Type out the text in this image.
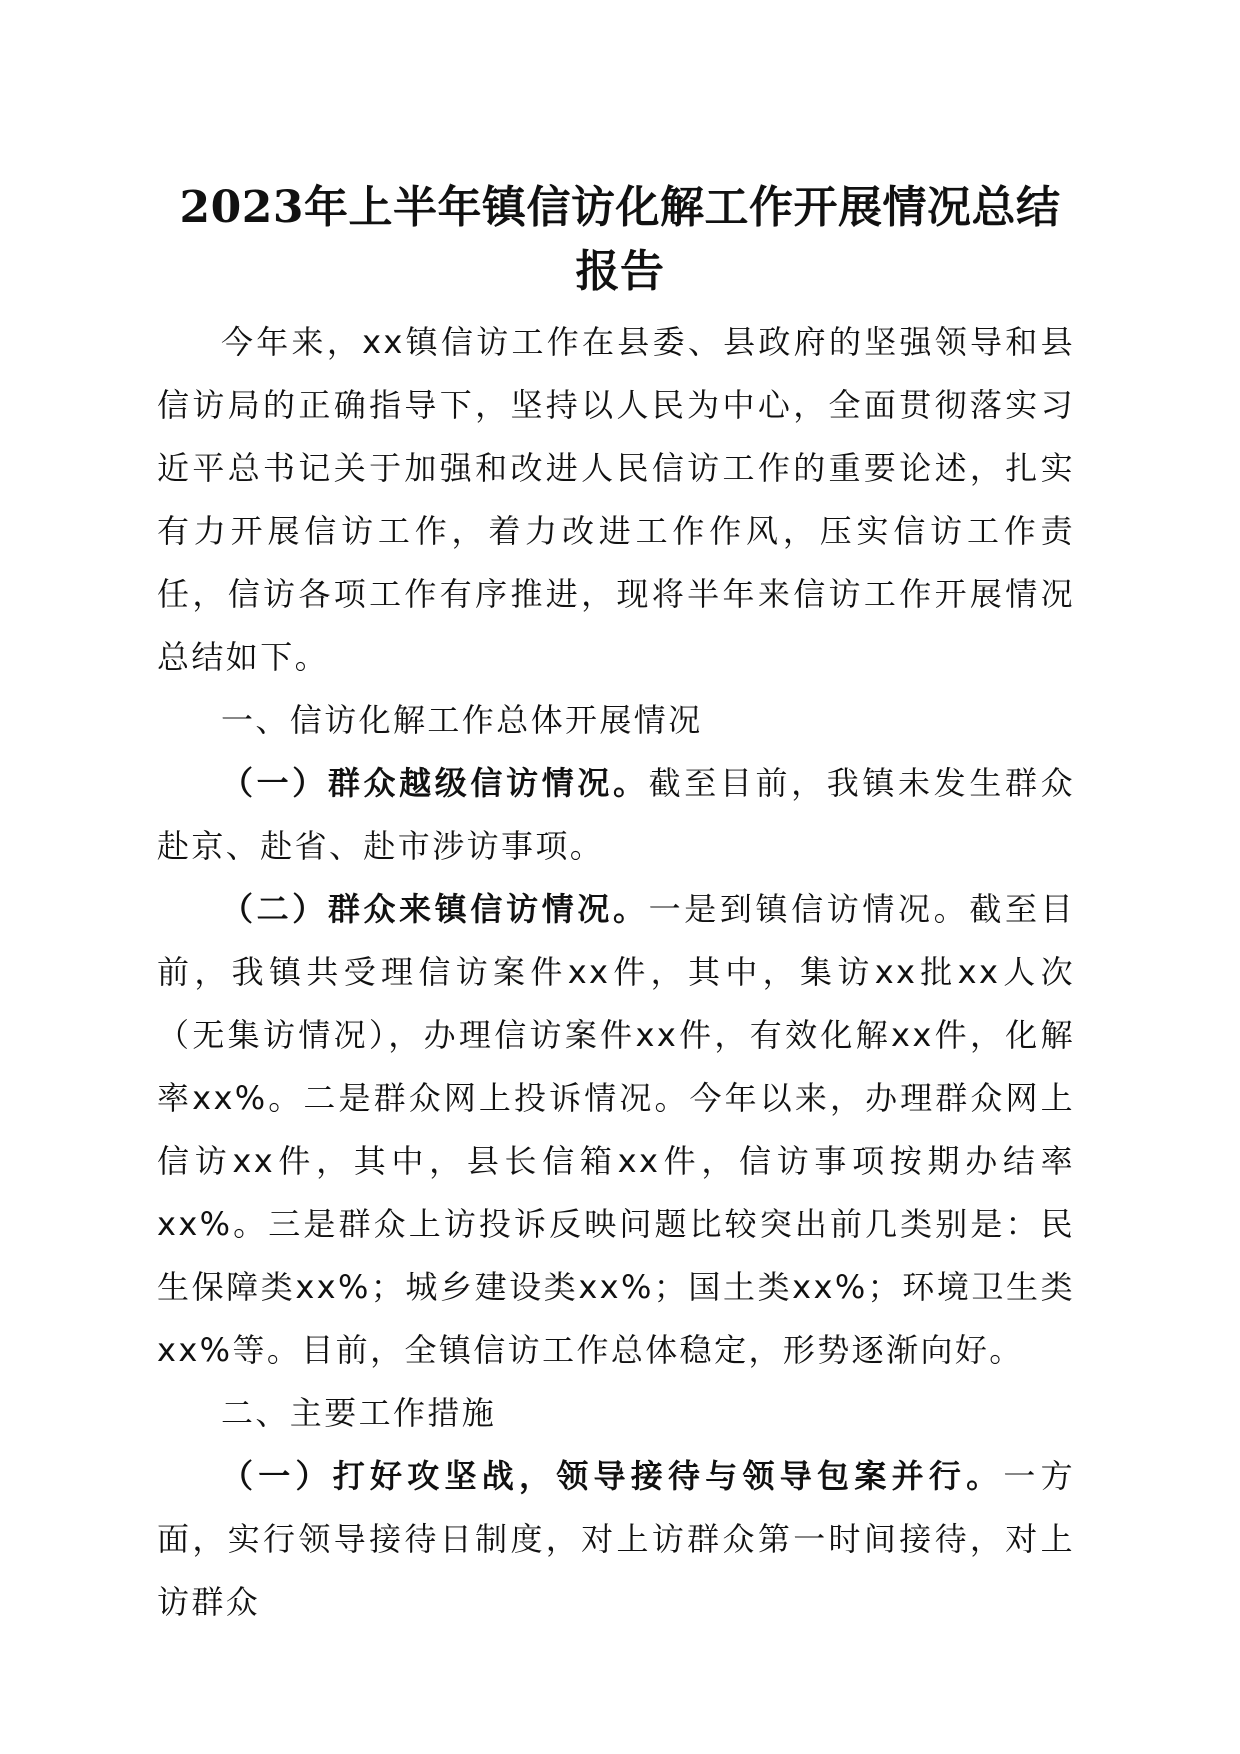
2023年上半年镇信访化解工作开展情况总结
报告

今年来，xx镇信访工作在县委、县政府的坚强领导和县信访局的正确指导下，坚持以人民为中心，全面贯彻落实习近平总书记关于加强和改进人民信访工作的重要论述，扎实有力开展信访工作，着力改进工作作风，压实信访工作责任，信访各项工作有序推进，现将半年来信访工作开展情况总结如下。

一、信访化解工作总体开展情况

（一）群众越级信访情况。截至目前，我镇未发生群众赴京、赴省、赴市涉访事项。

（二）群众来镇信访情况。一是到镇信访情况。截至目前，我镇共受理信访案件xx件，其中，集访xx批xx人次（无集访情况），办理信访案件xx件，有效化解xx件，化解率xx%。二是群众网上投诉情况。今年以来，办理群众网上信访xx件，其中，县长信箱xx件，信访事项按期办结率xx%。三是群众上访投诉反映问题比较突出前几类别是：民生保障类xx%；城乡建设类xx%；国土类xx%；环境卫生类xx%等。目前，全镇信访工作总体稳定，形势逐渐向好。

二、主要工作措施

（一）打好攻坚战，领导接待与领导包案并行。一方面，实行领导接待日制度，对上访群众第一时间接待，对上访群众
